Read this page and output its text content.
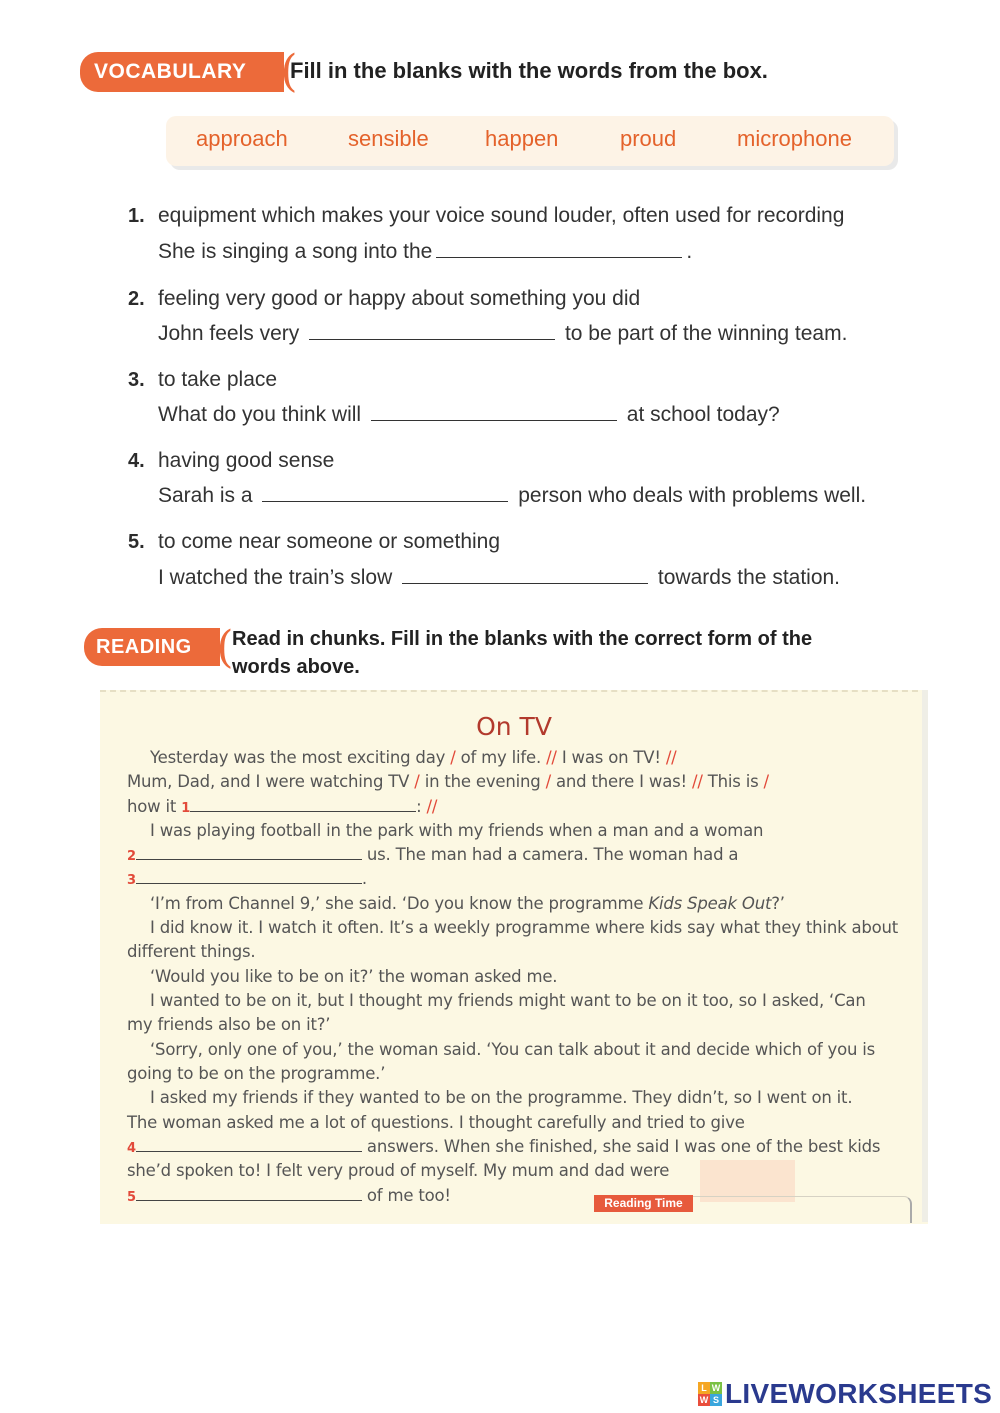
VOCABULARY (
Fill in the blanks with the words from the box.
approach	sensible	happen	proud	microphone
1. equipment which makes your voice sound louder, often used for recording
She is singing a song into the	.
2. feeling very good or happy about something you did
John feels very	to be part of the winning team.
3. to take place
What do you think will	at school today?
4. having good sense
Sarah is a	person who deals with problems well.
5. to come near someone or something
I watched the train’s slow	towards the station.
READING (
Read in chunks. Fill in the blanks with the correct form of the
words above.
On TV
Yesterday was the most exciting day / of my life. // I was on TV! //
Mum, Dad, and I were watching TV / in the evening / and there I was! // This is /
how it 1	: //
I was playing football in the park with my friends when a man and a woman
2	us. The man had a camera. The woman had a
3	.
‘I’m from Channel 9,’ she said. ‘Do you know the programme Kids Speak Out?’
I did know it. I watch it often. It’s a weekly programme where kids say what they think about
different things.
‘Would you like to be on it?’ the woman asked me.
I wanted to be on it, but I thought my friends might want to be on it too, so I asked, ‘Can
my friends also be on it?’
‘Sorry, only one of you,’ the woman said. ‘You can talk about it and decide which of you is
going to be on the programme.’
I asked my friends if they wanted to be on the programme. They didn’t, so I went on it.
The woman asked me a lot of questions. I thought carefully and tried to give
4	answers. When she finished, she said I was one of the best kids
she’d spoken to! I felt very proud of myself. My mum and dad were
5	of me too!	Reading Time
L W
W S LIVEWORKSHEETS
